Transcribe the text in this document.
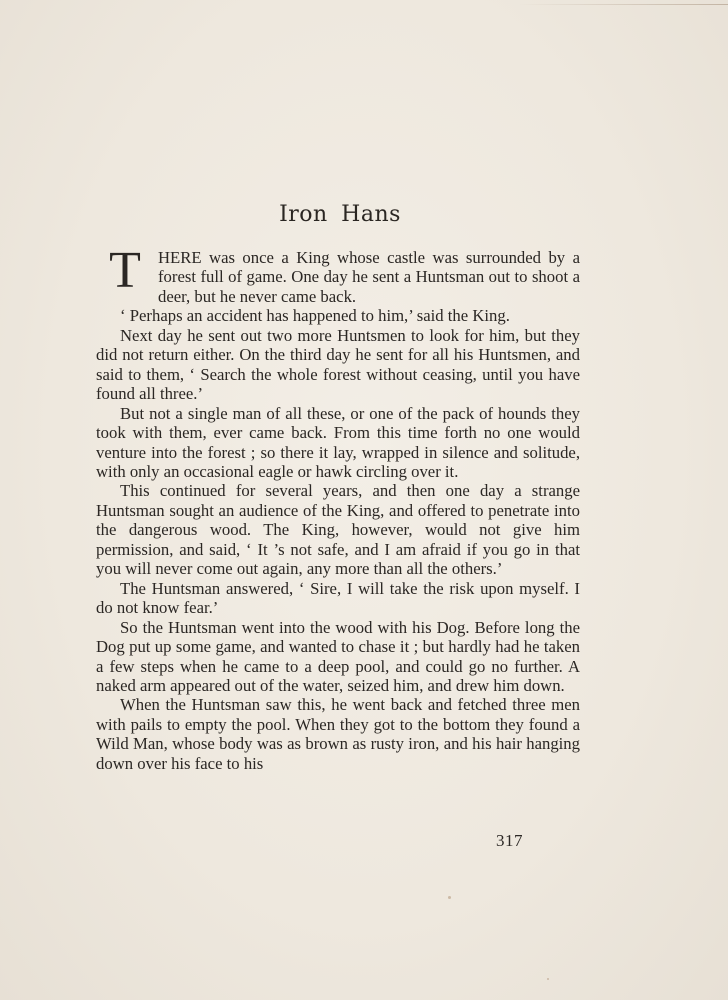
Iron Hans

T	HERE was once a King whose castle was surrounded by a forest full of game. One day he sent a Huntsman out to shoot a deer, but he never came back.

‘ Perhaps an accident has happened to him,’ said the King.

Next day he sent out two more Huntsmen to look for him, but they did not return either. On the third day he sent for all his Huntsmen, and said to them, ‘ Search the whole forest without ceasing, until you have found all three.’

But not a single man of all these, or one of the pack of hounds they took with them, ever came back. From this time forth no one would venture into the forest ; so there it lay, wrapped in silence and solitude, with only an occasional eagle or hawk circling over it.

This continued for several years, and then one day a strange Huntsman sought an audience of the King, and offered to penetrate into the dangerous wood. The King, however, would not give him permission, and said, ‘ It ’s not safe, and I am afraid if you go in that you will never come out again, any more than all the others.’

The Huntsman answered, ‘ Sire, I will take the risk upon myself. I do not know fear.’

So the Huntsman went into the wood with his Dog. Before long the Dog put up some game, and wanted to chase it ; but hardly had he taken a few steps when he came to a deep pool, and could go no further. A naked arm appeared out of the water, seized him, and drew him down.

When the Huntsman saw this, he went back and fetched three men with pails to empty the pool. When they got to the bottom they found a Wild Man, whose body was as brown as rusty iron, and his hair hanging down over his face to his

317
